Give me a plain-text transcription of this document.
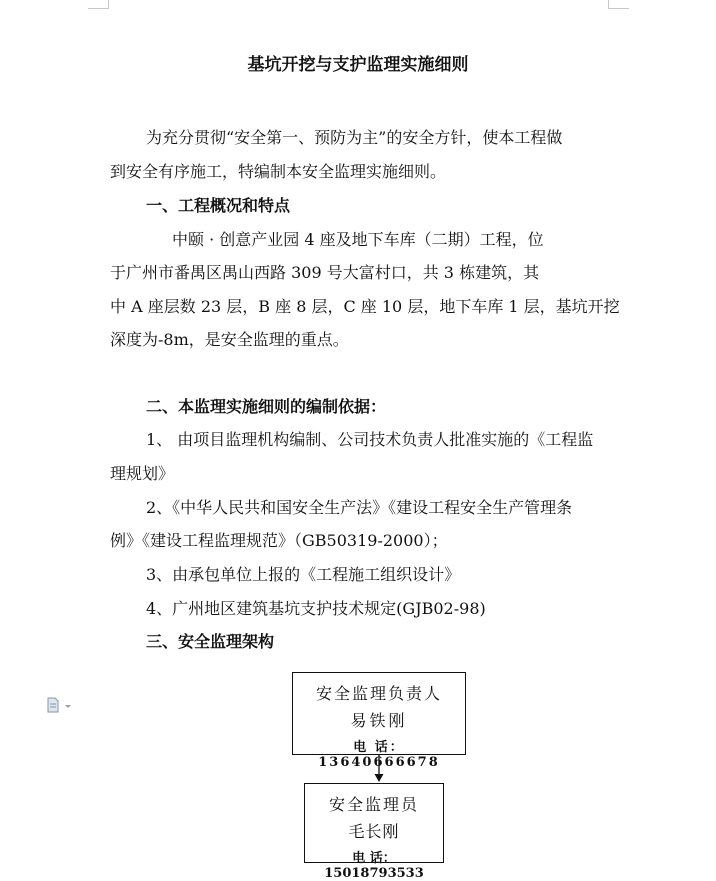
基坑开挖与支护监理实施细则
为充分贯彻“安全第一、预防为主”的安全方针，使本工程做
到安全有序施工，特编制本安全监理实施细则。
一、工程概况和特点
中颐 · 创意产业园 4 座及地下车库（二期）工程，位
于广州市番禺区禺山西路 309 号大富村口，共 3 栋建筑，其
中 A 座层数 23 层，B 座 8 层，C 座 10 层，地下车库 1 层，基坑开挖
深度为-8m，是安全监理的重点。
二、本监理实施细则的编制依据：
1、 由项目监理机构编制、公司技术负责人批准实施的《工程监
理规划》
2、《中华人民共和国安全生产法》《建设工程安全生产管理条
例》《建设工程监理规范》（GB50319-2000）；
3、由承包单位上报的《工程施工组织设计》
4、广州地区建筑基坑支护技术规定(GJB02-98)
三、安全监理架构
安全监理负责人
易铁刚
电 话：13640666678
安全监理员
毛长刚
电 话：15018793533
